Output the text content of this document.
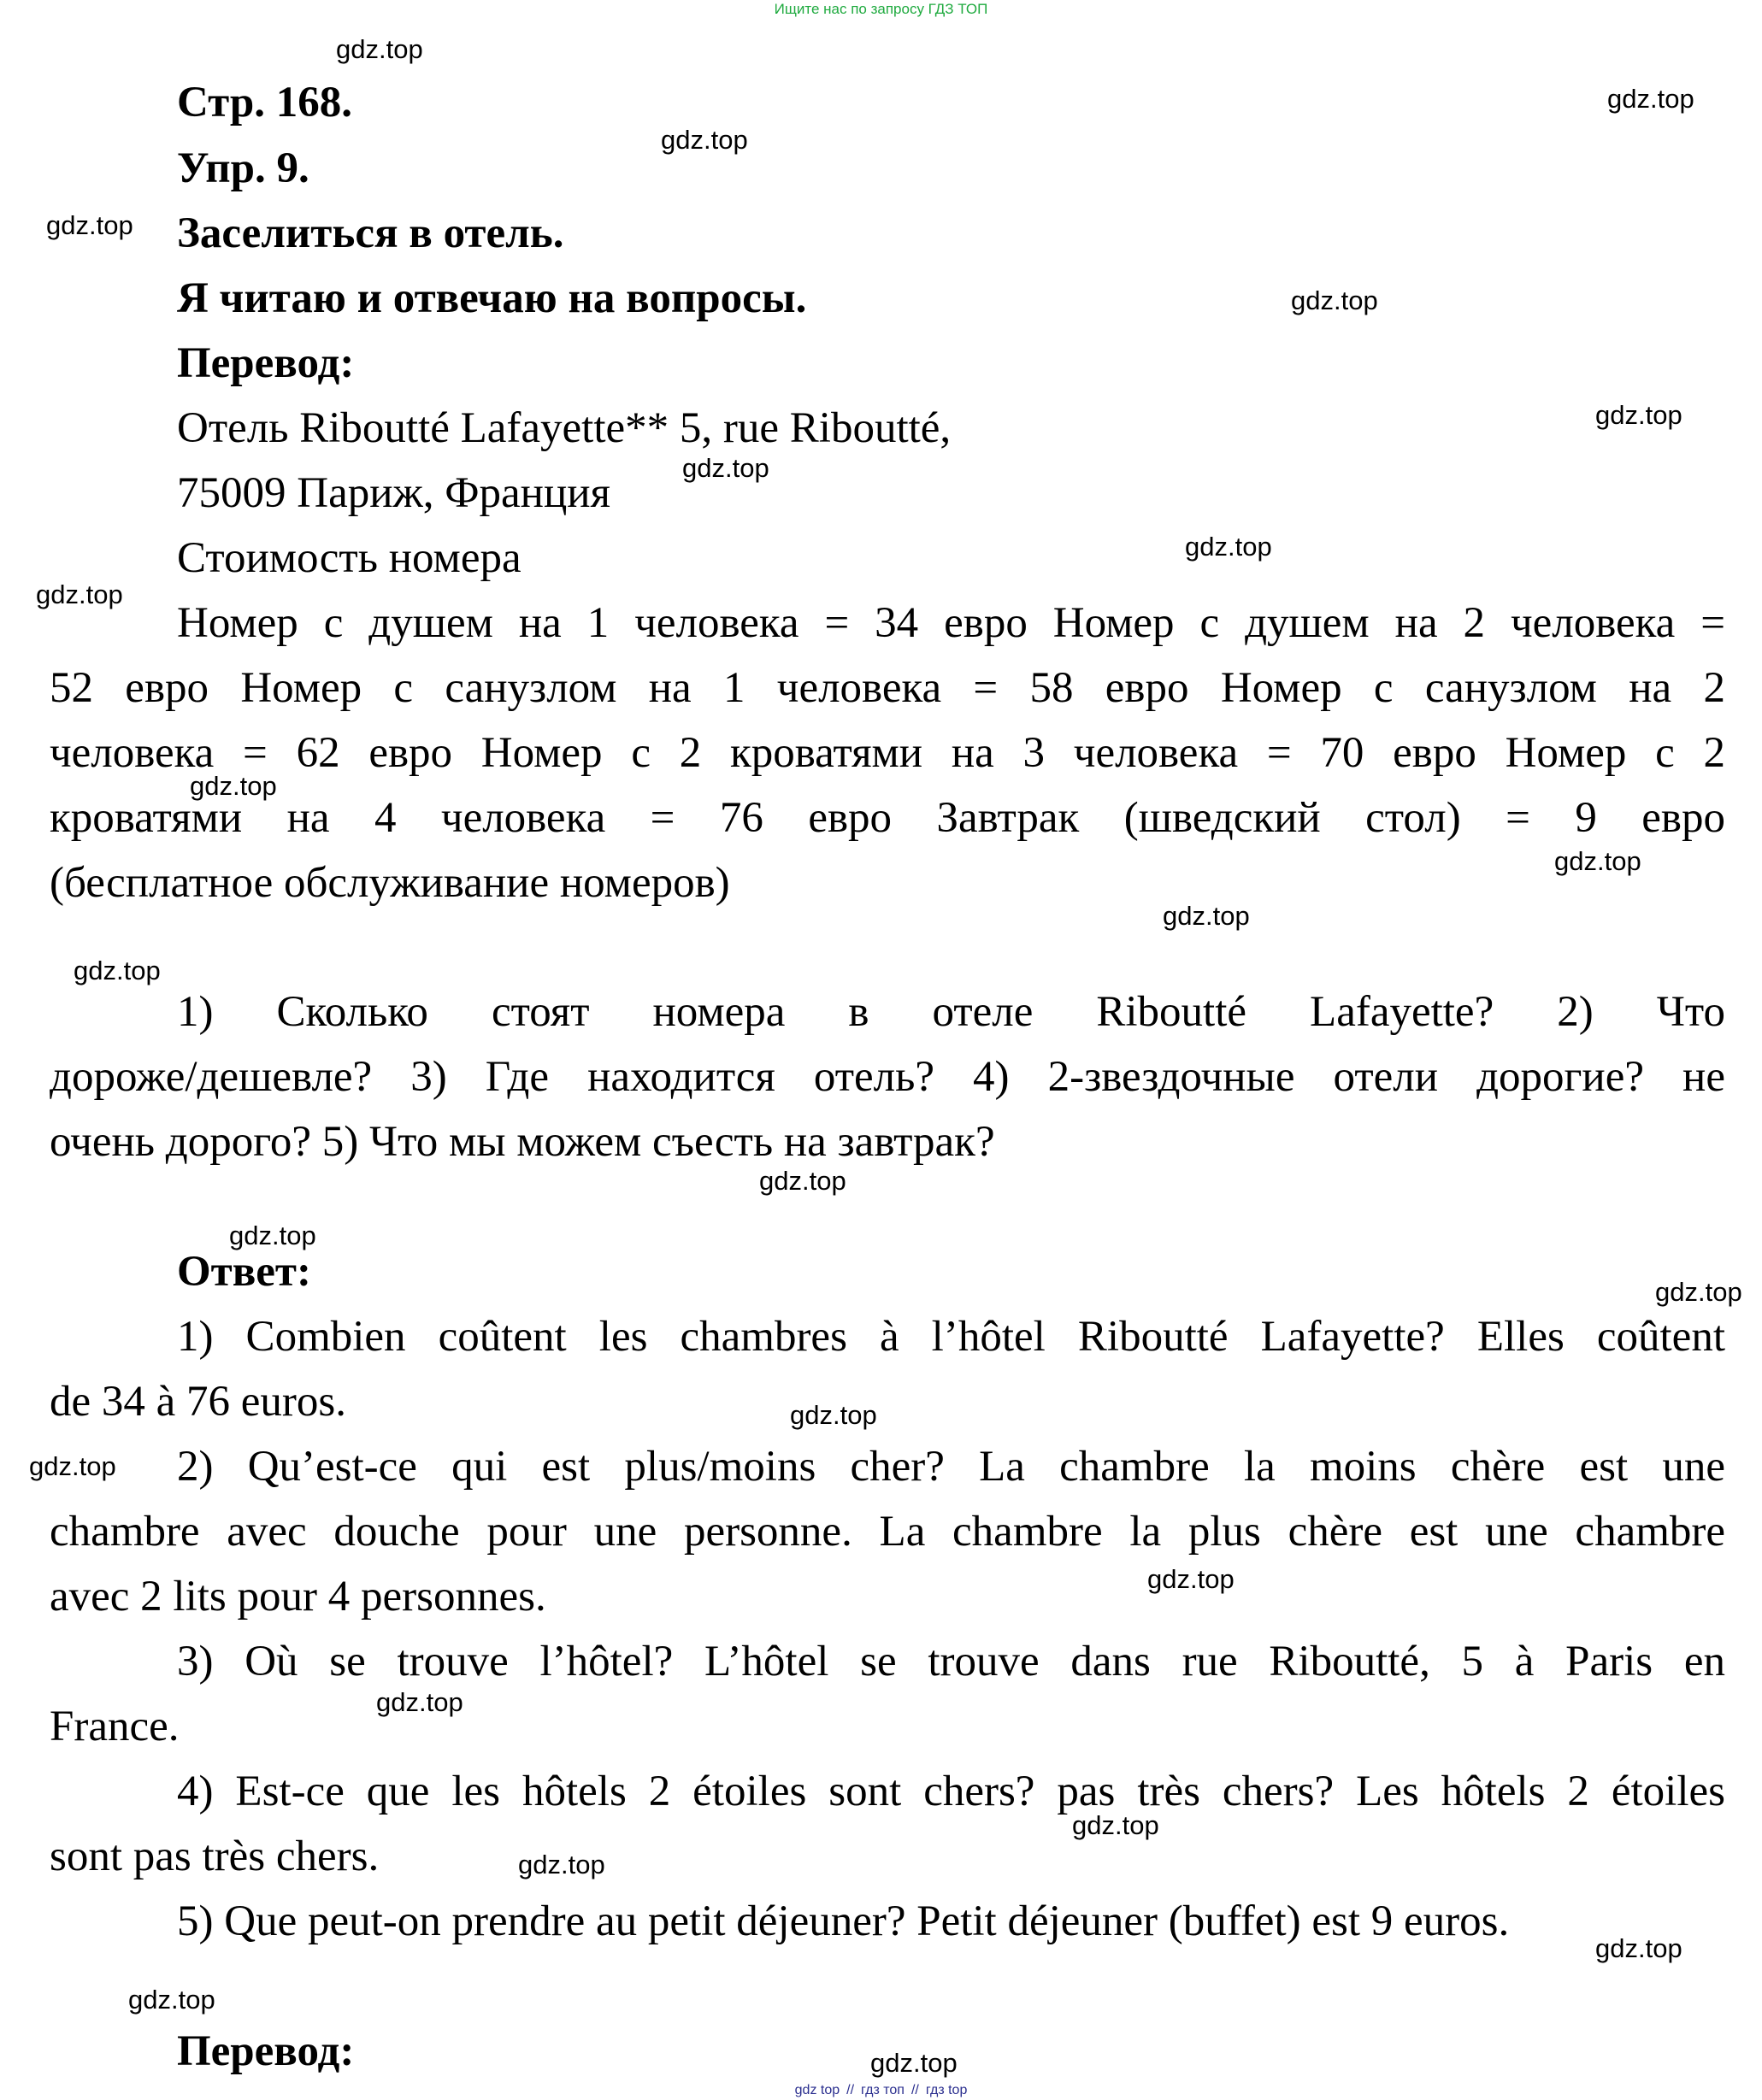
Ищите нас по запросу ГДЗ ТОП
Стр. 168.
Упр. 9.
Заселиться в отель.
Я читаю и отвечаю на вопросы.
Перевод:
Отель Riboutté Lafayette** 5, rue Riboutté,
75009 Париж, Франция
Стоимость номера
Номер с душем на 1 человека = 34 евро Номер с душем на 2 человека =
52 евро Номер с санузлом на 1 человека = 58 евро Номер с санузлом на 2
человека = 62 евро Номер с 2 кроватями на 3 человека = 70 евро Номер с 2
кроватями на 4 человека = 76 евро Завтрак (шведский стол) = 9 евро
(бесплатное обслуживание номеров)
1) Сколько стоят номера в отеле Riboutté Lafayette? 2) Что
дороже/дешевле? 3) Где находится отель? 4) 2-звездочные отели дорогие? не
очень дорого? 5) Что мы можем съесть на завтрак?
Ответ:
1) Combien coûtent les chambres à l’hôtel Riboutté Lafayette? Elles coûtent
de 34 à 76 euros.
2) Qu’est-ce qui est plus/moins cher? La chambre la moins chère est une
chambre avec douche pour une personne. La chambre la plus chère est une chambre
avec 2 lits pour 4 personnes.
3) Où se trouve l’hôtel? L’hôtel se trouve dans rue Riboutté, 5 à Paris en
France.
4) Est-ce que les hôtels 2 étoiles sont chers? pas très chers? Les hôtels 2 étoiles
sont pas très chers.
5) Que peut-on prendre au petit déjeuner? Petit déjeuner (buffet) est 9 euros.
Перевод:
gdz.top
gdz.top
gdz.top
gdz.top
gdz.top
gdz.top
gdz.top
gdz.top
gdz.top
gdz.top
gdz.top
gdz.top
gdz.top
gdz.top
gdz.top
gdz.top
gdz.top
gdz.top
gdz.top
gdz.top
gdz.top
gdz.top
gdz.top
gdz.top
gdz.top
gdz top // гдз топ // гдз top
